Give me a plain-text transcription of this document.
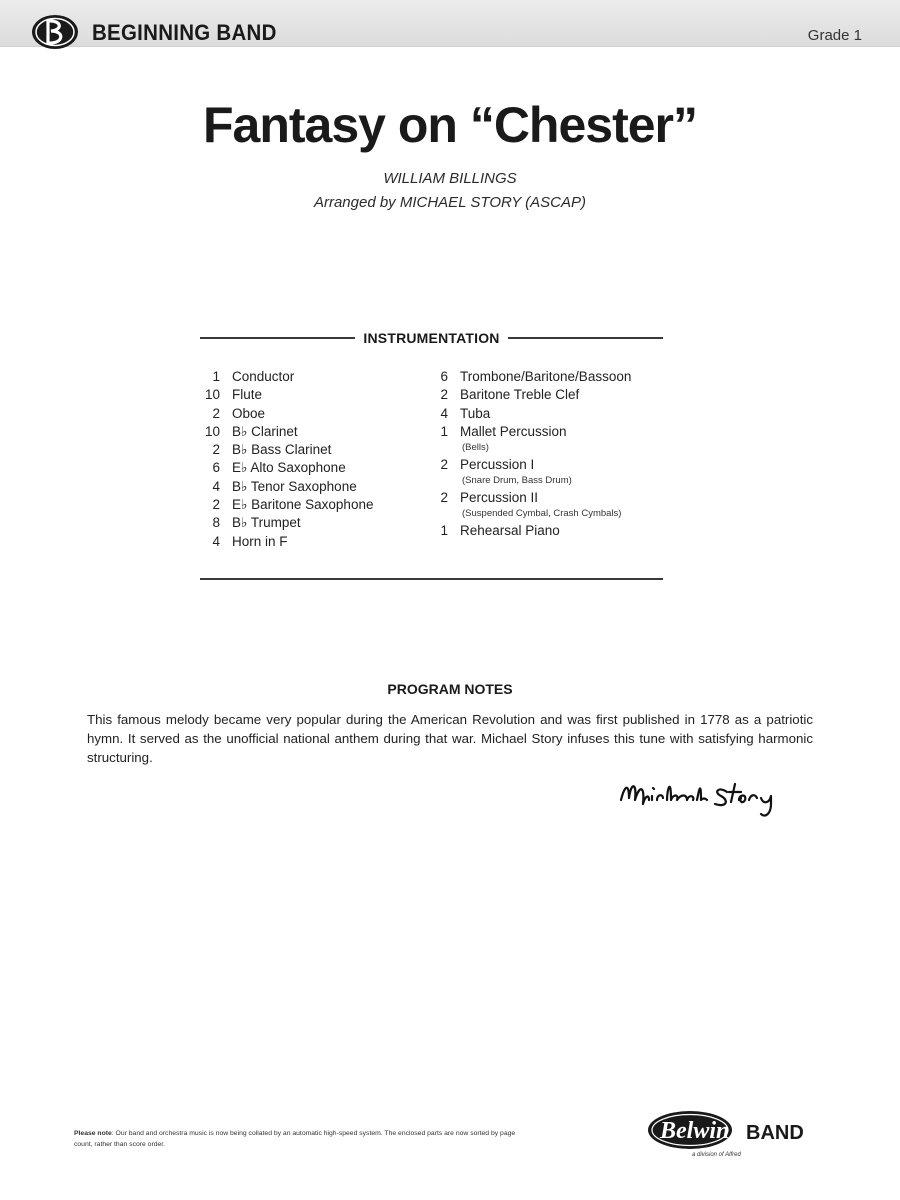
BEGINNING BAND	Grade 1
Fantasy on “Chester”
WILLIAM BILLINGS
Arranged by MICHAEL STORY (ASCAP)
INSTRUMENTATION
1 Conductor
10 Flute
2 Oboe
10 B♭ Clarinet
2 B♭ Bass Clarinet
6 E♭ Alto Saxophone
4 B♭ Tenor Saxophone
2 E♭ Baritone Saxophone
8 B♭ Trumpet
4 Horn in F
6 Trombone/Baritone/Bassoon
2 Baritone Treble Clef
4 Tuba
1 Mallet Percussion
(Bells)
2 Percussion I
(Snare Drum, Bass Drum)
2 Percussion II
(Suspended Cymbal, Crash Cymbals)
1 Rehearsal Piano
PROGRAM NOTES
This famous melody became very popular during the American Revolution and was first published in 1778 as a patriotic hymn. It served as the unofficial national anthem during that war. Michael Story infuses this tune with satisfying harmonic structuring.
Please note: Our band and orchestra music is now being collated by an automatic high-speed system. The enclosed parts are now sorted by page count, rather than score order.
Belwin BAND
a division of Alfred
